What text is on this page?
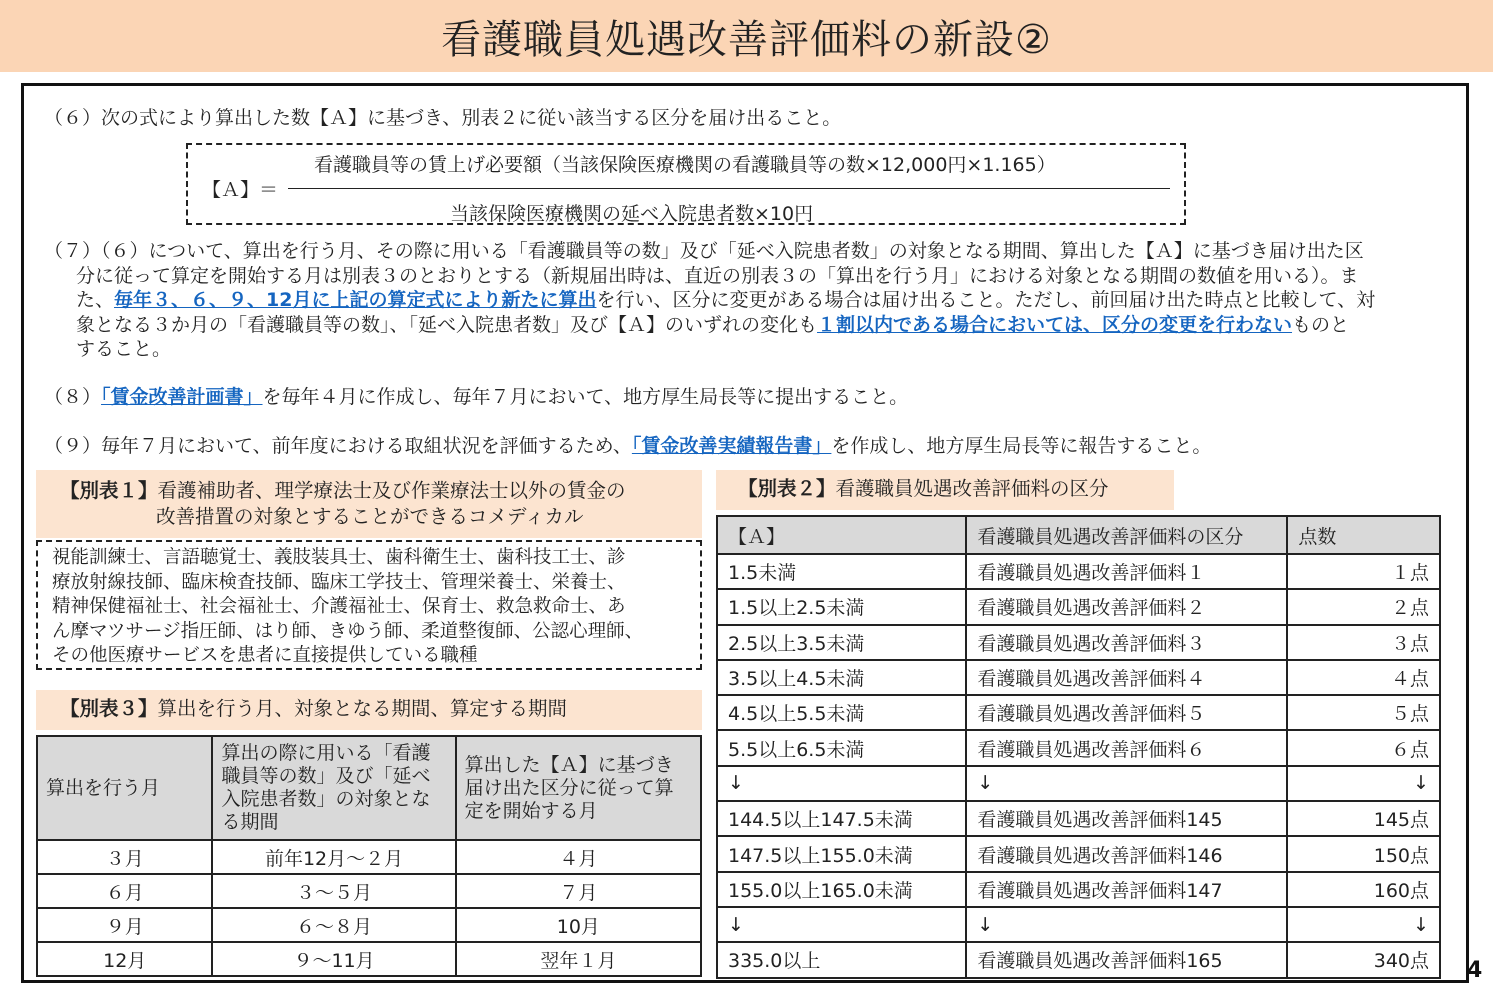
看護職員処遇改善評価料の新設②
4
（６）次の式により算出した数【Ａ】に基づき、別表２に従い該当する区分を届け出ること。
【Ａ】＝
看護職員等の賃上げ必要額（当該保険医療機関の看護職員等の数×12,000円×1.165）
当該保険医療機関の延べ入院患者数×10円
（７）（６）について、算出を行う月、その際に用いる「看護職員等の数」及び「延べ入院患者数」の対象となる期間、算出した【Ａ】に基づき届け出た区
分に従って算定を開始する月は別表３のとおりとする（新規届出時は、直近の別表３の「算出を行う月」における対象となる期間の数値を用いる）。ま
た、毎年３、６、９、12月に上記の算定式により新たに算出を行い、区分に変更がある場合は届け出ること。ただし、前回届け出た時点と比較して、対
象となる３か月の「看護職員等の数」、「延べ入院患者数」及び【Ａ】のいずれの変化も１割以内である場合においては、区分の変更を行わないものと
すること。
（８）「賃金改善計画書」を毎年４月に作成し、毎年７月において、地方厚生局長等に提出すること。
（９）毎年７月において、前年度における取組状況を評価するため、「賃金改善実績報告書」を作成し、地方厚生局長等に報告すること。
【別表１】看護補助者、理学療法士及び作業療法士以外の賃金の
改善措置の対象とすることができるコメディカル
視能訓練士、言語聴覚士、義肢装具士、歯科衛生士、歯科技工士、診
療放射線技師、臨床検査技師、臨床工学技士、管理栄養士、栄養士、
精神保健福祉士、社会福祉士、介護福祉士、保育士、救急救命士、あ
ん摩マツサージ指圧師、はり師、きゆう師、柔道整復師、公認心理師、
その他医療サービスを患者に直接提供している職種
【別表３】算出を行う月、対象となる期間、算定する期間
算出を行う月	算出の際に用いる「看護職員等の数」及び「延べ入院患者数」の対象となる期間	算出した【Ａ】に基づき届け出た区分に従って算定を開始する月
３月	前年12月～２月	４月
６月	３～５月	７月
９月	６～８月	10月
12月	９～11月	翌年１月
【別表２】看護職員処遇改善評価料の区分
【Ａ】	看護職員処遇改善評価料の区分	点数
1.5未満	看護職員処遇改善評価料１	１点
1.5以上2.5未満	看護職員処遇改善評価料２	２点
2.5以上3.5未満	看護職員処遇改善評価料３	３点
3.5以上4.5未満	看護職員処遇改善評価料４	４点
4.5以上5.5未満	看護職員処遇改善評価料５	５点
5.5以上6.5未満	看護職員処遇改善評価料６	６点
↓	↓	↓
144.5以上147.5未満	看護職員処遇改善評価料145	145点
147.5以上155.0未満	看護職員処遇改善評価料146	150点
155.0以上165.0未満	看護職員処遇改善評価料147	160点
↓	↓	↓
335.0以上	看護職員処遇改善評価料165	340点
